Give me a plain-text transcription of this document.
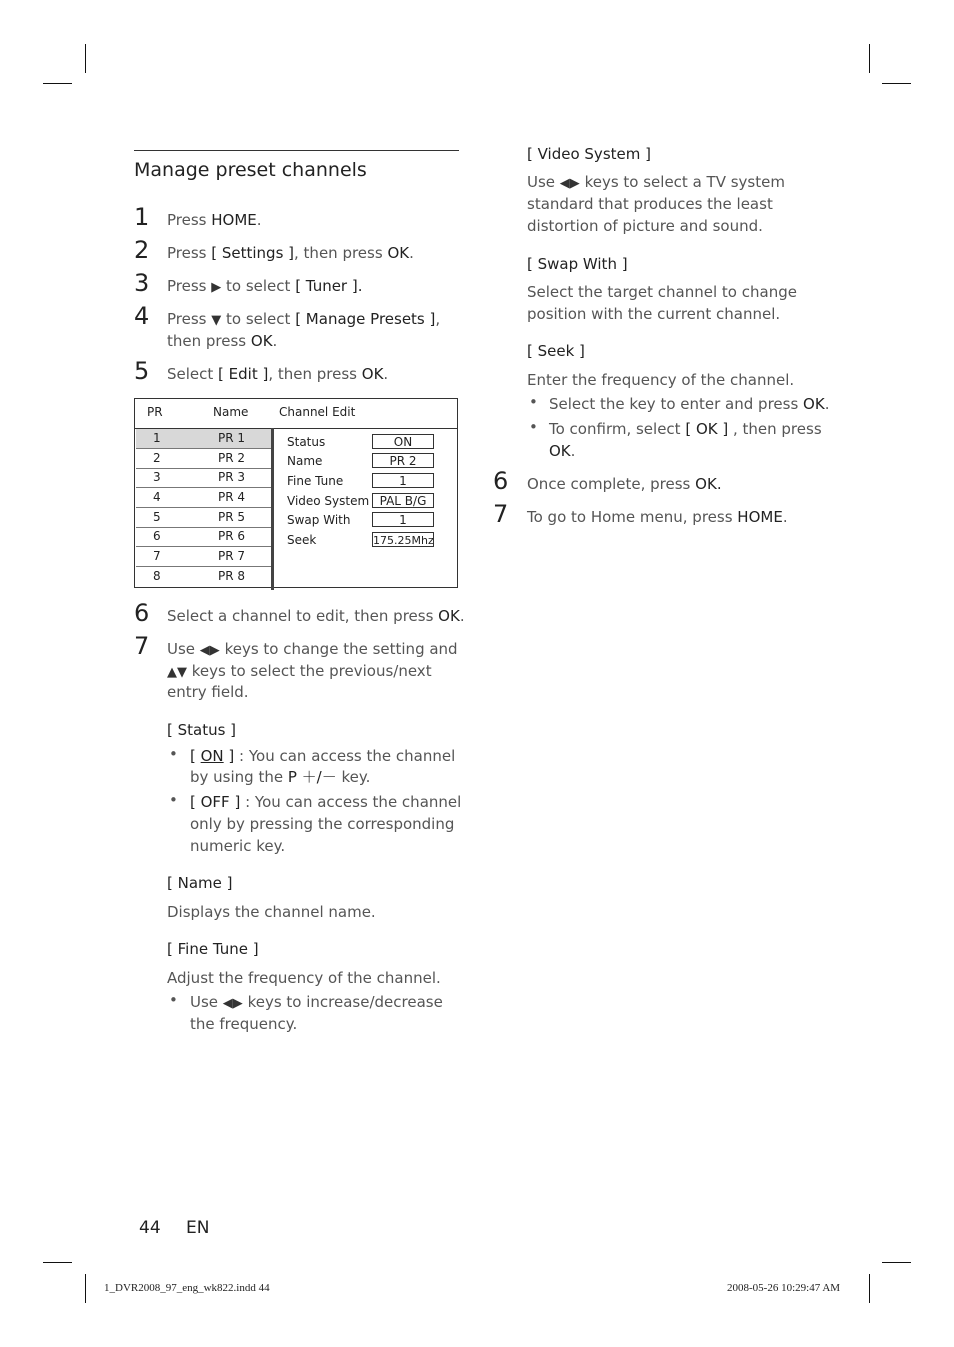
Manage preset channels
1 Press HOME.
2 Press [ Settings ], then press OK.
3 Press ▶ to select [ Tuner ].
4 Press ▼ to select [ Manage Presets ],
then press OK.
5 Select [ Edit ], then press OK.
PR	Name	Channel Edit
1	PR 1
2	PR 2
3	PR 3
4	PR 4
5	PR 5
6	PR 6
7	PR 7
8	PR 8
Status	ON
Name	PR 2
Fine Tune	1
Video System PAL B/G
Swap With	1
Seek	175.25Mhz
6 Select a channel to edit, then press OK.
7 Use ◀▶ keys to change the setting and
▲▼ keys to select the previous/next
entry field.
[ Status ]
• [ ON ] : You can access the channel
by using the P ＋/－ key.
• [ OFF ] : You can access the channel
only by pressing the corresponding
numeric key.
[ Name ]
Displays the channel name.
[ Fine Tune ]
Adjust the frequency of the channel.
• Use ◀▶ keys to increase/decrease
the frequency.
[ Video System ]
Use ◀▶ keys to select a TV system
standard that produces the least
distortion of picture and sound.
[ Swap With ]
Select the target channel to change
position with the current channel.
[ Seek ]
Enter the frequency of the channel.
• Select the key to enter and press OK.
• To confirm, select [ OK ] , then press
OK.
6 Once complete, press OK.
7 To go to Home menu, press HOME.
44 EN
1_DVR2008_97_eng_wk822.indd 44	2008-05-26 10:29:47 AM
